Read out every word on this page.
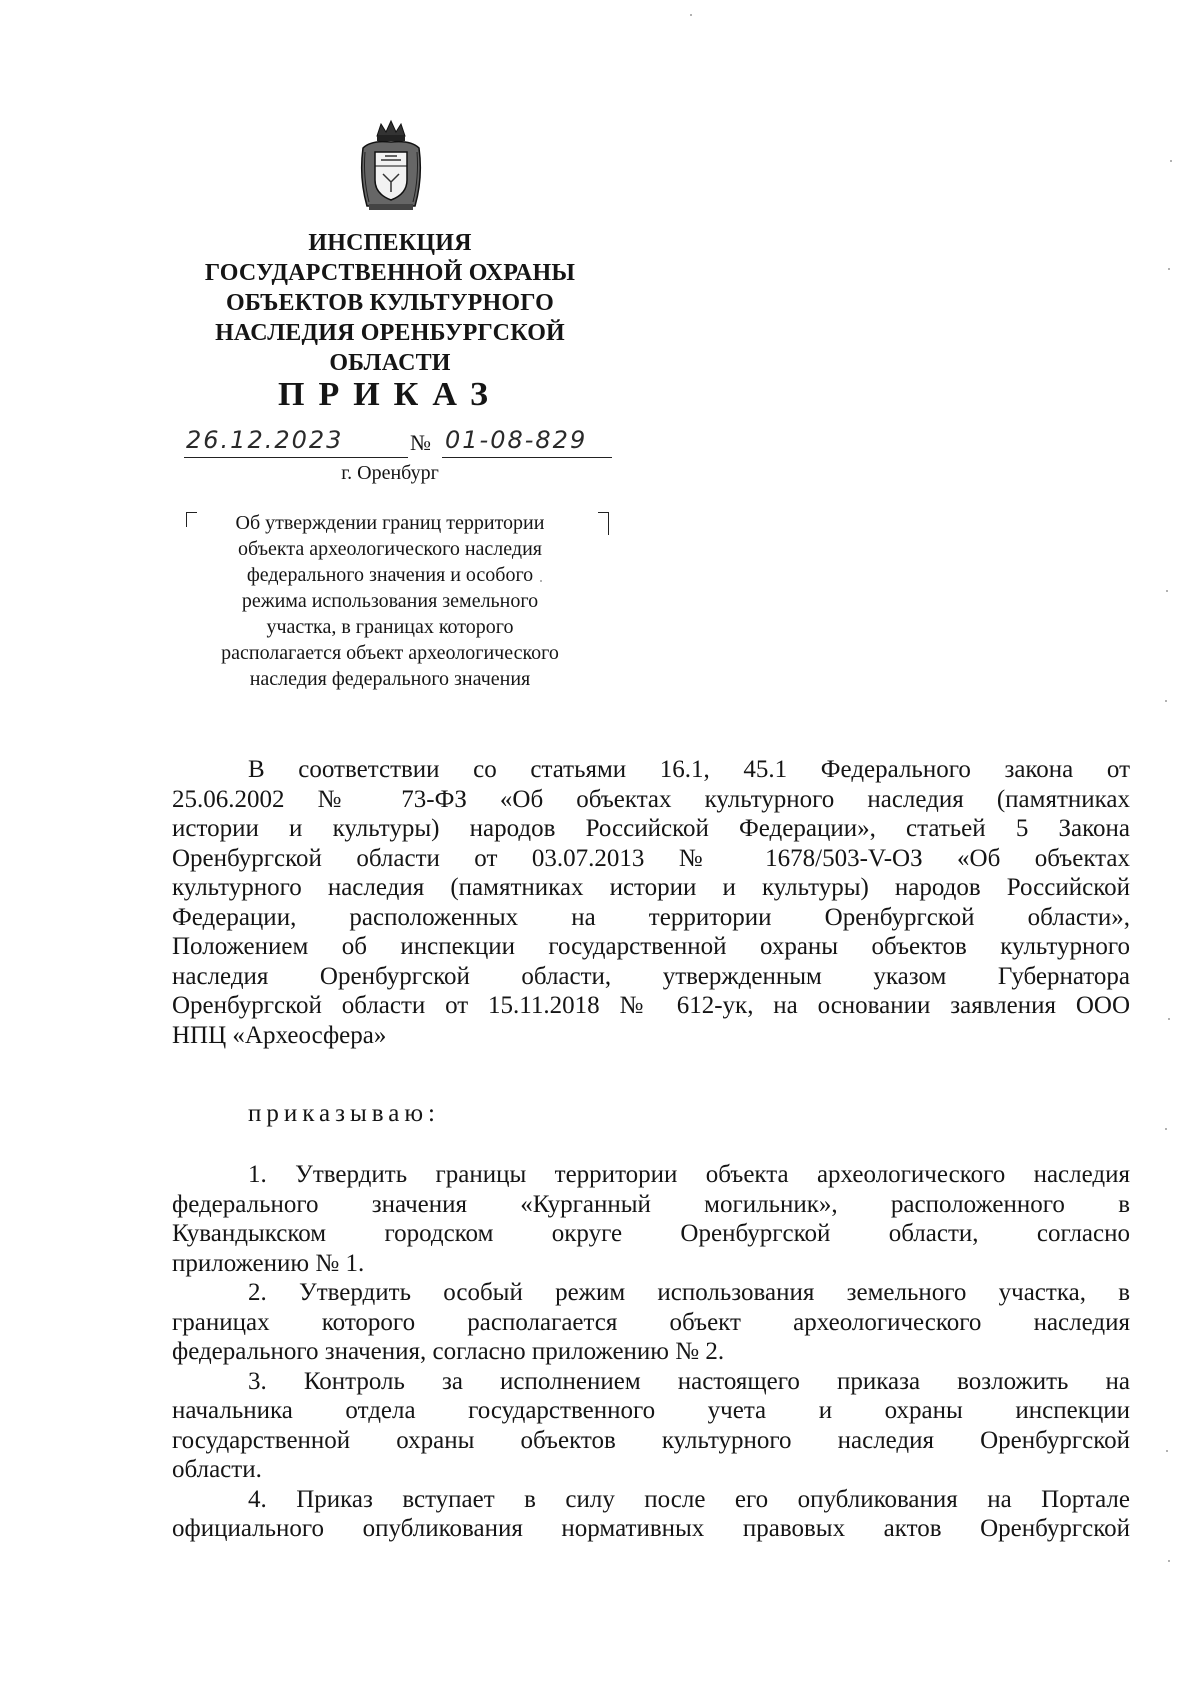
ИНСПЕКЦИЯ
ГОСУДАРСТВЕННОЙ ОХРАНЫ
ОБЪЕКТОВ КУЛЬТУРНОГО
НАСЛЕДИЯ ОРЕНБУРГСКОЙ
ОБЛАСТИ
ПРИКАЗ
26.12.2023	№ 01-08-829
г. Оренбург
Об утверждении границ территории
объекта археологического наследия
федерального значения и особого
режима использования земельного
участка, в границах которого
располагается объект археологического
наследия федерального значения
В соответствии со статьями 16.1, 45.1 Федерального закона от
25.06.2002 № 73-ФЗ «Об объектах культурного наследия (памятниках
истории и культуры) народов Российской Федерации», статьей 5 Закона
Оренбургской области от 03.07.2013 № 1678/503-V-ОЗ «Об объектах
культурного наследия (памятниках истории и культуры) народов Российской
Федерации, расположенных на территории Оренбургской области»,
Положением об инспекции государственной охраны объектов культурного
наследия Оренбургской области, утвержденным указом Губернатора
Оренбургской области от 15.11.2018 № 612-ук, на основании заявления ООО
НПЦ «Археосфера»
приказываю:
1. Утвердить границы территории объекта археологического наследия
федерального значения «Курганный могильник», расположенного в
Кувандыкском городском округе Оренбургской области, согласно
приложению № 1.
2. Утвердить особый режим использования земельного участка, в
границах которого располагается объект археологического наследия
федерального значения, согласно приложению № 2.
3. Контроль за исполнением настоящего приказа возложить на
начальника отдела государственного учета и охраны инспекции
государственной охраны объектов культурного наследия Оренбургской
области.
4. Приказ вступает в силу после его опубликования на Портале
официального опубликования нормативных правовых актов Оренбургской
